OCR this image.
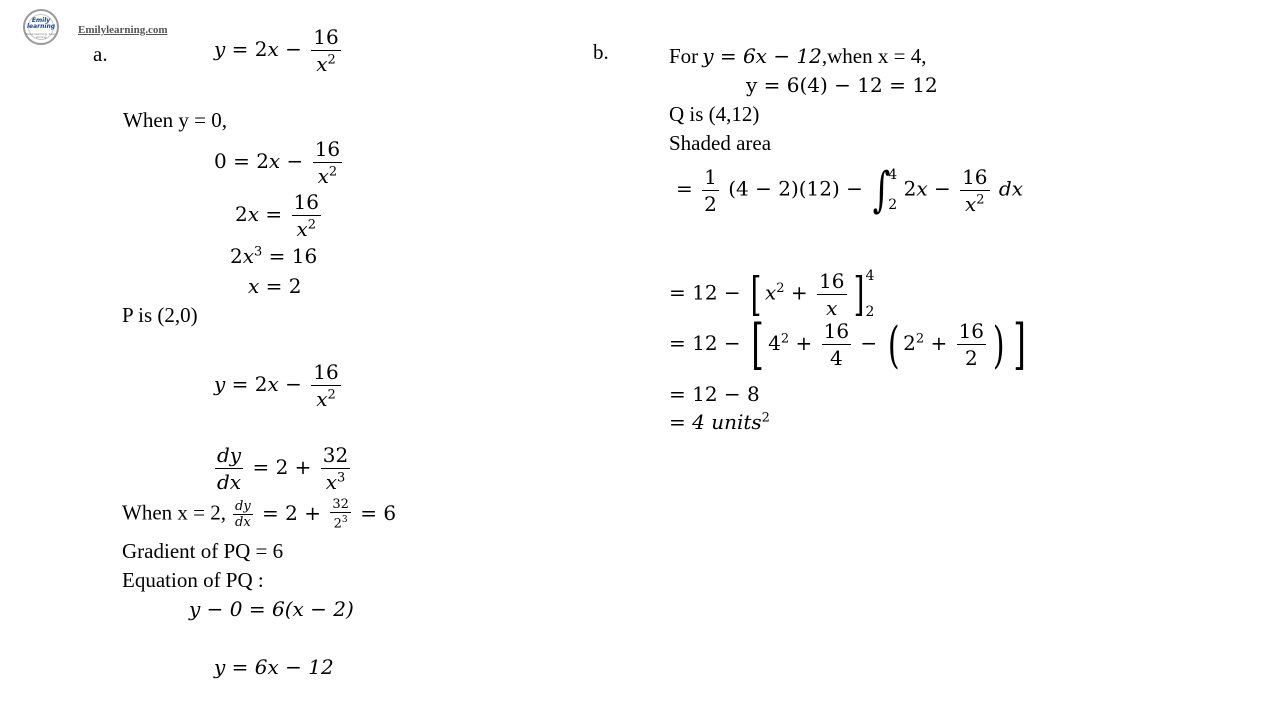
Emily learning
Keep learning, keep shining
Emilylearning.com
a.	$y = 2x - \frac{16}{x^2}$
When y = 0,
$0 = 2x - \frac{16}{x^2}$
$2x = \frac{16}{x^2}$
$2x^3 = 16$
x = 2
P is (2,0)
$y = 2x - \frac{16}{x^2}$
$\frac{dy}{dx} = 2 + \frac{32}{x^3}$
When x = 2, $\frac{dy}{dx} = 2 + \frac{32}{2^3} = 6$
Gradient of PQ = 6
Equation of PQ :
y − 0 = 6(x − 2)
y = 6x − 12
b.	For y = 6x − 12,when x = 4,
y = 6(4) − 12 = 12
Q is (4,12)
Shaded area
= $\frac{1}{2} (4 - 2)(12)$ − ∫
4
2
$2x - \frac{16}{x^2}$ dx
= 12 − [ $x^2 + \frac{16}{x}$ ] 4
2
= 12 − [ $4^2 + \frac{16}{4}$ − ( $2^2 + \frac{16}{2}$ ) ]
= 12 − 8
= 4 units$^2$
